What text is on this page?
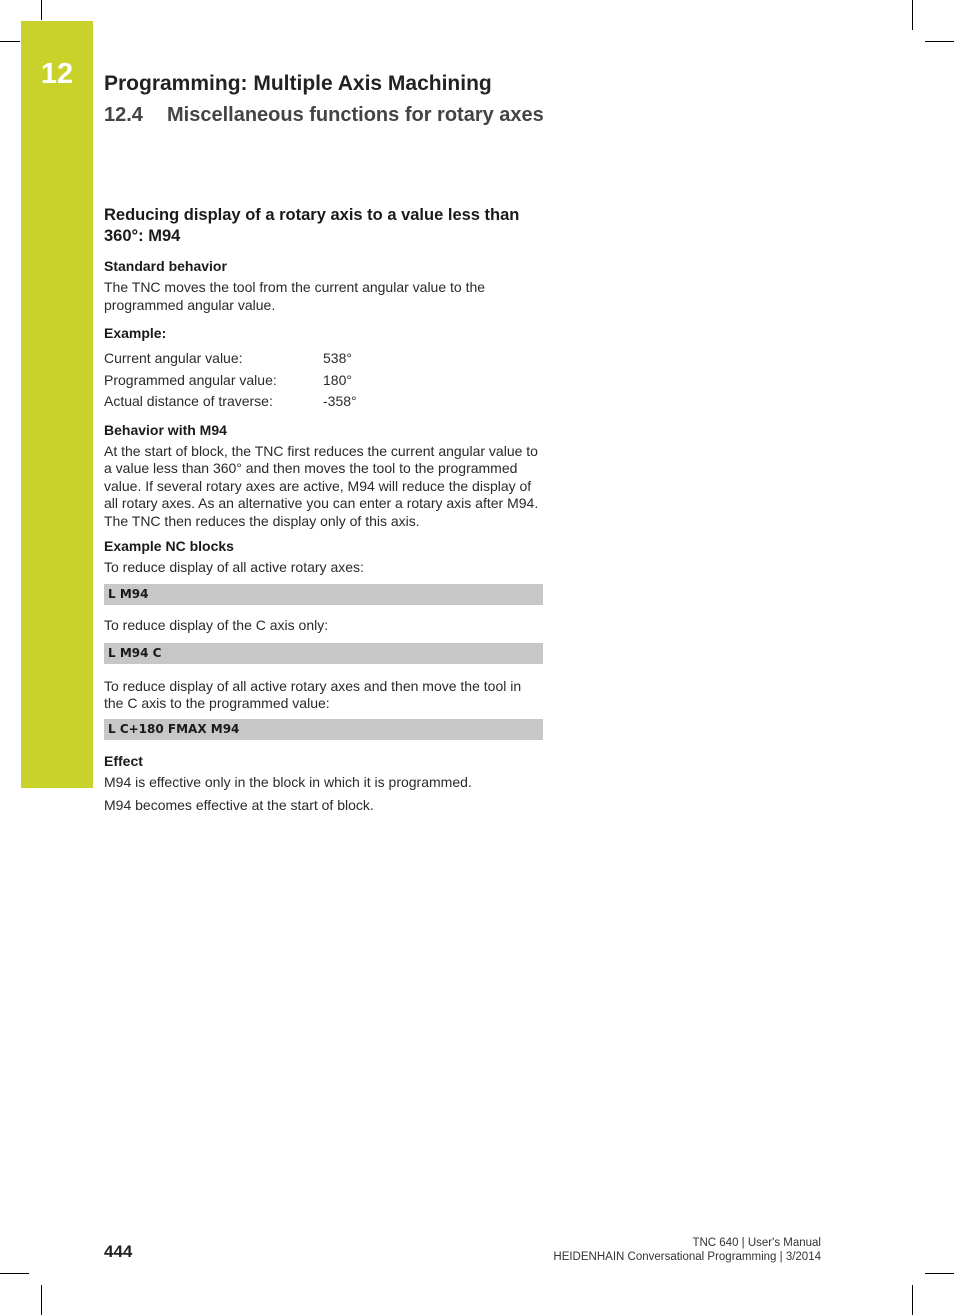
12	Programming: Multiple Axis Machining
12.4 Miscellaneous functions for rotary axes
Reducing display of a rotary axis to a value less than 360°: M94
Standard behavior

The TNC moves the tool from the current angular value to the programmed angular value.

Example:
Current angular value:	538°
Programmed angular value:	180°
Actual distance of traverse:	-358°
Behavior with M94

At the start of block, the TNC first reduces the current angular value to a value less than 360° and then moves the tool to the programmed value. If several rotary axes are active, M94 will reduce the display of all rotary axes. As an alternative you can enter a rotary axis after M94. The TNC then reduces the display only of this axis.

Example NC blocks

To reduce display of all active rotary axes:

L M94

To reduce display of the C axis only:

L M94 C

To reduce display of all active rotary axes and then move the tool in the C axis to the programmed value:

L C+180 FMAX M94
Effect

M94 is effective only in the block in which it is programmed.

M94 becomes effective at the start of block.

444	TNC 640 | User's Manual
HEIDENHAIN Conversational Programming | 3/2014
